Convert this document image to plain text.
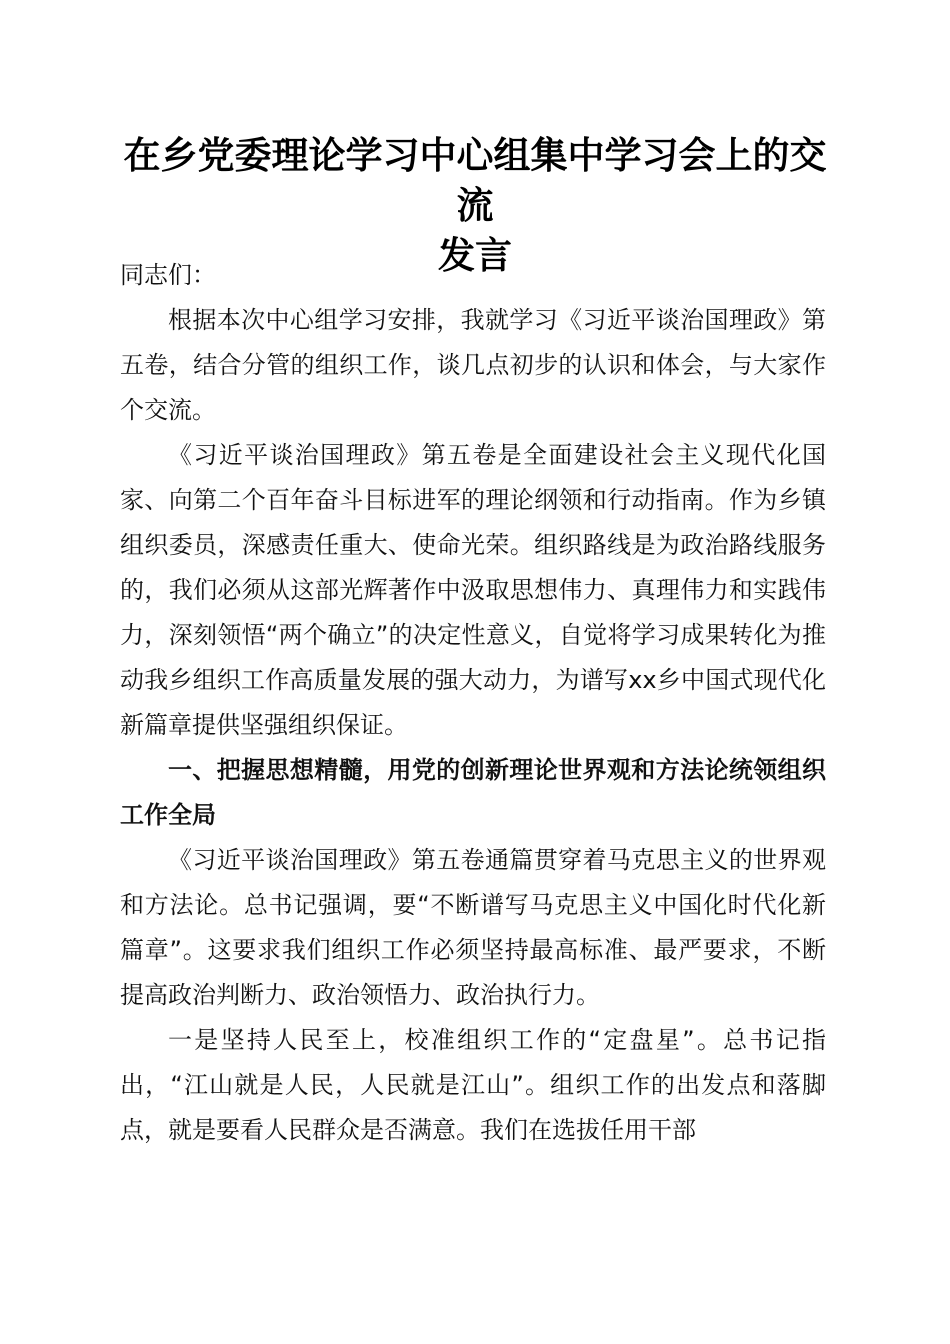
在乡党委理论学习中心组集中学习会上的交流
发言

同志们：

根据本次中心组学习安排，我就学习《习近平谈治国理政》第五卷，结合分管的组织工作，谈几点初步的认识和体会，与大家作个交流。

《习近平谈治国理政》第五卷是全面建设社会主义现代化国家、向第二个百年奋斗目标进军的理论纲领和行动指南。作为乡镇组织委员，深感责任重大、使命光荣。组织路线是为政治路线服务的，我们必须从这部光辉著作中汲取思想伟力、真理伟力和实践伟力，深刻领悟“两个确立”的决定性意义，自觉将学习成果转化为推动我乡组织工作高质量发展的强大动力，为谱写xx乡中国式现代化新篇章提供坚强组织保证。

一、把握思想精髓，用党的创新理论世界观和方法论统领组织工作全局

《习近平谈治国理政》第五卷通篇贯穿着马克思主义的世界观和方法论。总书记强调，要“不断谱写马克思主义中国化时代化新篇章”。这要求我们组织工作必须坚持最高标准、最严要求，不断提高政治判断力、政治领悟力、政治执行力。

一是坚持人民至上，校准组织工作的“定盘星”。总书记指出，“江山就是人民，人民就是江山”。组织工作的出发点和落脚点，就是要看人民群众是否满意。我们在选拔任用干部
